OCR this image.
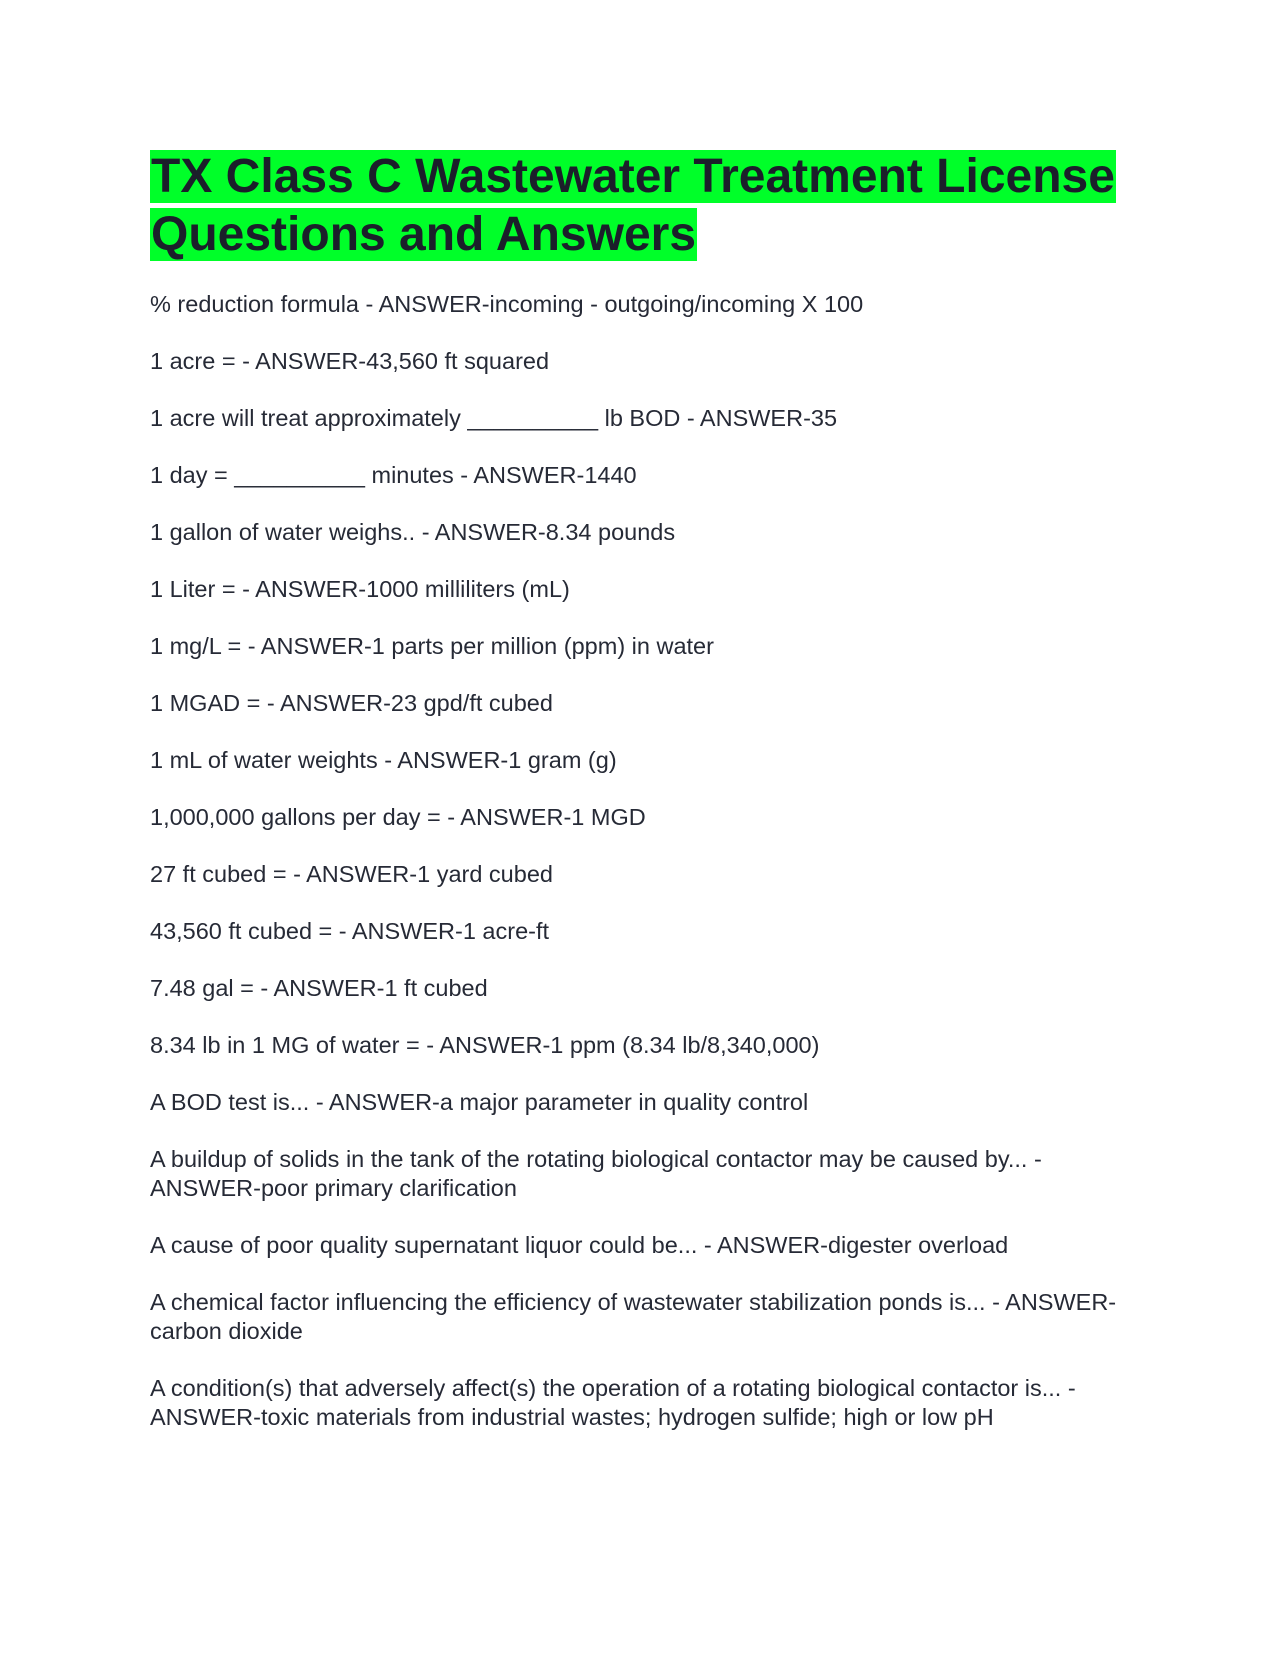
TX Class C Wastewater Treatment License Questions and Answers
% reduction formula - ANSWER-incoming - outgoing/incoming X 100
1 acre = - ANSWER-43,560 ft squared
1 acre will treat approximately __________ lb BOD - ANSWER-35
1 day = __________ minutes - ANSWER-1440
1 gallon of water weighs.. - ANSWER-8.34 pounds
1 Liter = - ANSWER-1000 milliliters (mL)
1 mg/L = - ANSWER-1 parts per million (ppm) in water
1 MGAD = - ANSWER-23 gpd/ft cubed
1 mL of water weights - ANSWER-1 gram (g)
1,000,000 gallons per day = - ANSWER-1 MGD
27 ft cubed = - ANSWER-1 yard cubed
43,560 ft cubed = - ANSWER-1 acre-ft
7.48 gal = - ANSWER-1 ft cubed
8.34 lb in 1 MG of water = - ANSWER-1 ppm (8.34 lb/8,340,000)
A BOD test is... - ANSWER-a major parameter in quality control
A buildup of solids in the tank of the rotating biological contactor may be caused by... - ANSWER-poor primary clarification
A cause of poor quality supernatant liquor could be... - ANSWER-digester overload
A chemical factor influencing the efficiency of wastewater stabilization ponds is... - ANSWER-carbon dioxide
A condition(s) that adversely affect(s) the operation of a rotating biological contactor is... - ANSWER-toxic materials from industrial wastes; hydrogen sulfide; high or low pH
